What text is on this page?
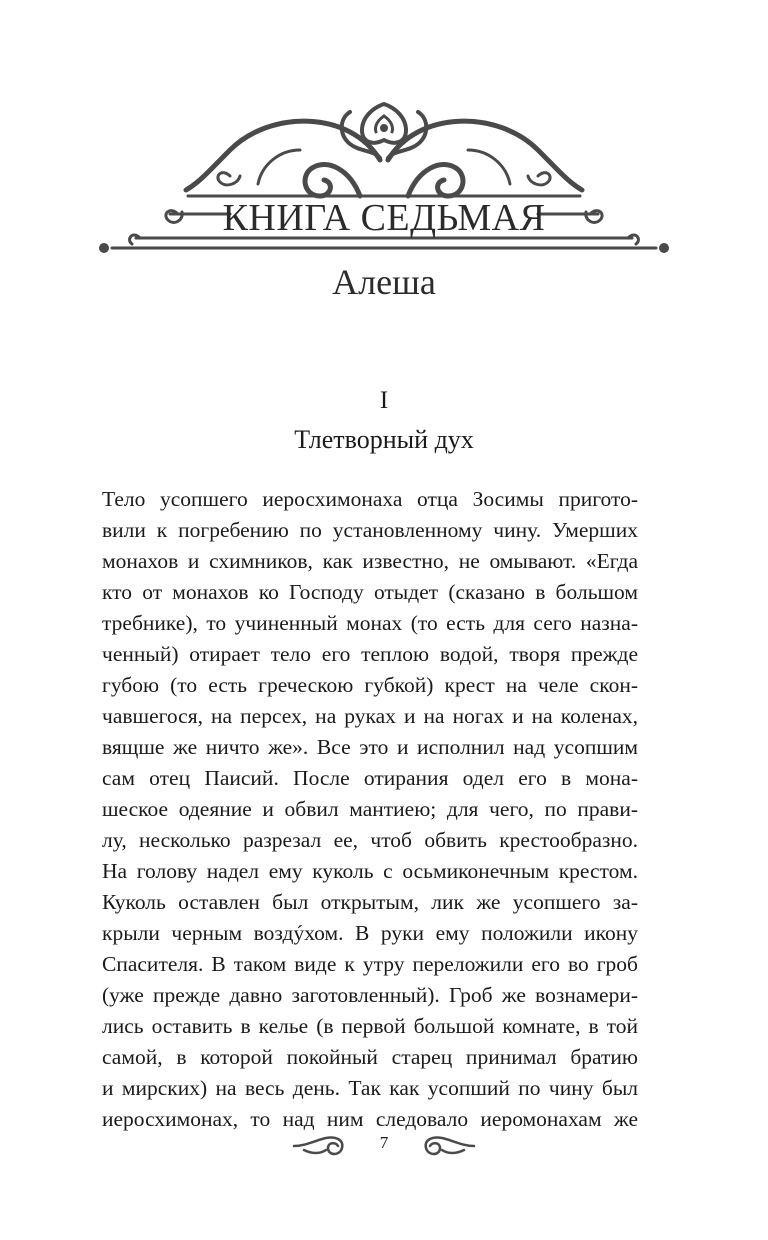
КНИГА СЕДЬМАЯ
Алеша
I
Тлетворный дух
Тело усопшего иеросхимонаха отца Зосимы пригото-
вили к погребению по установленному чину. Умерших
монахов и схимников, как известно, не омывают. «Егда
кто от монахов ко Господу отыдет (сказано в большом
требнике), то учиненный монах (то есть для сего назна-
ченный) отирает тело его теплою водой, творя прежде
губою (то есть греческою губкой) крест на челе скон-
чавшегося, на персех, на руках и на ногах и на коленах,
вящше же ничто же». Все это и исполнил над усопшим
сам отец Паисий. После отирания одел его в мона-
шеское одеяние и обвил мантиею; для чего, по прави-
лу, несколько разрезал ее, чтоб обвить крестообразно.
На голову надел ему куколь с осьмиконечным крестом.
Куколь оставлен был открытым, лик же усопшего за-
крыли черным воздýхом. В руки ему положили икону
Спасителя. В таком виде к утру переложили его во гроб
(уже прежде давно заготовленный). Гроб же вознамери-
лись оставить в келье (в первой большой комнате, в той
самой, в которой покойный старец принимал братию
и мирских) на весь день. Так как усопший по чину был
иеросхимонах, то над ним следовало иеромонахам же
7
